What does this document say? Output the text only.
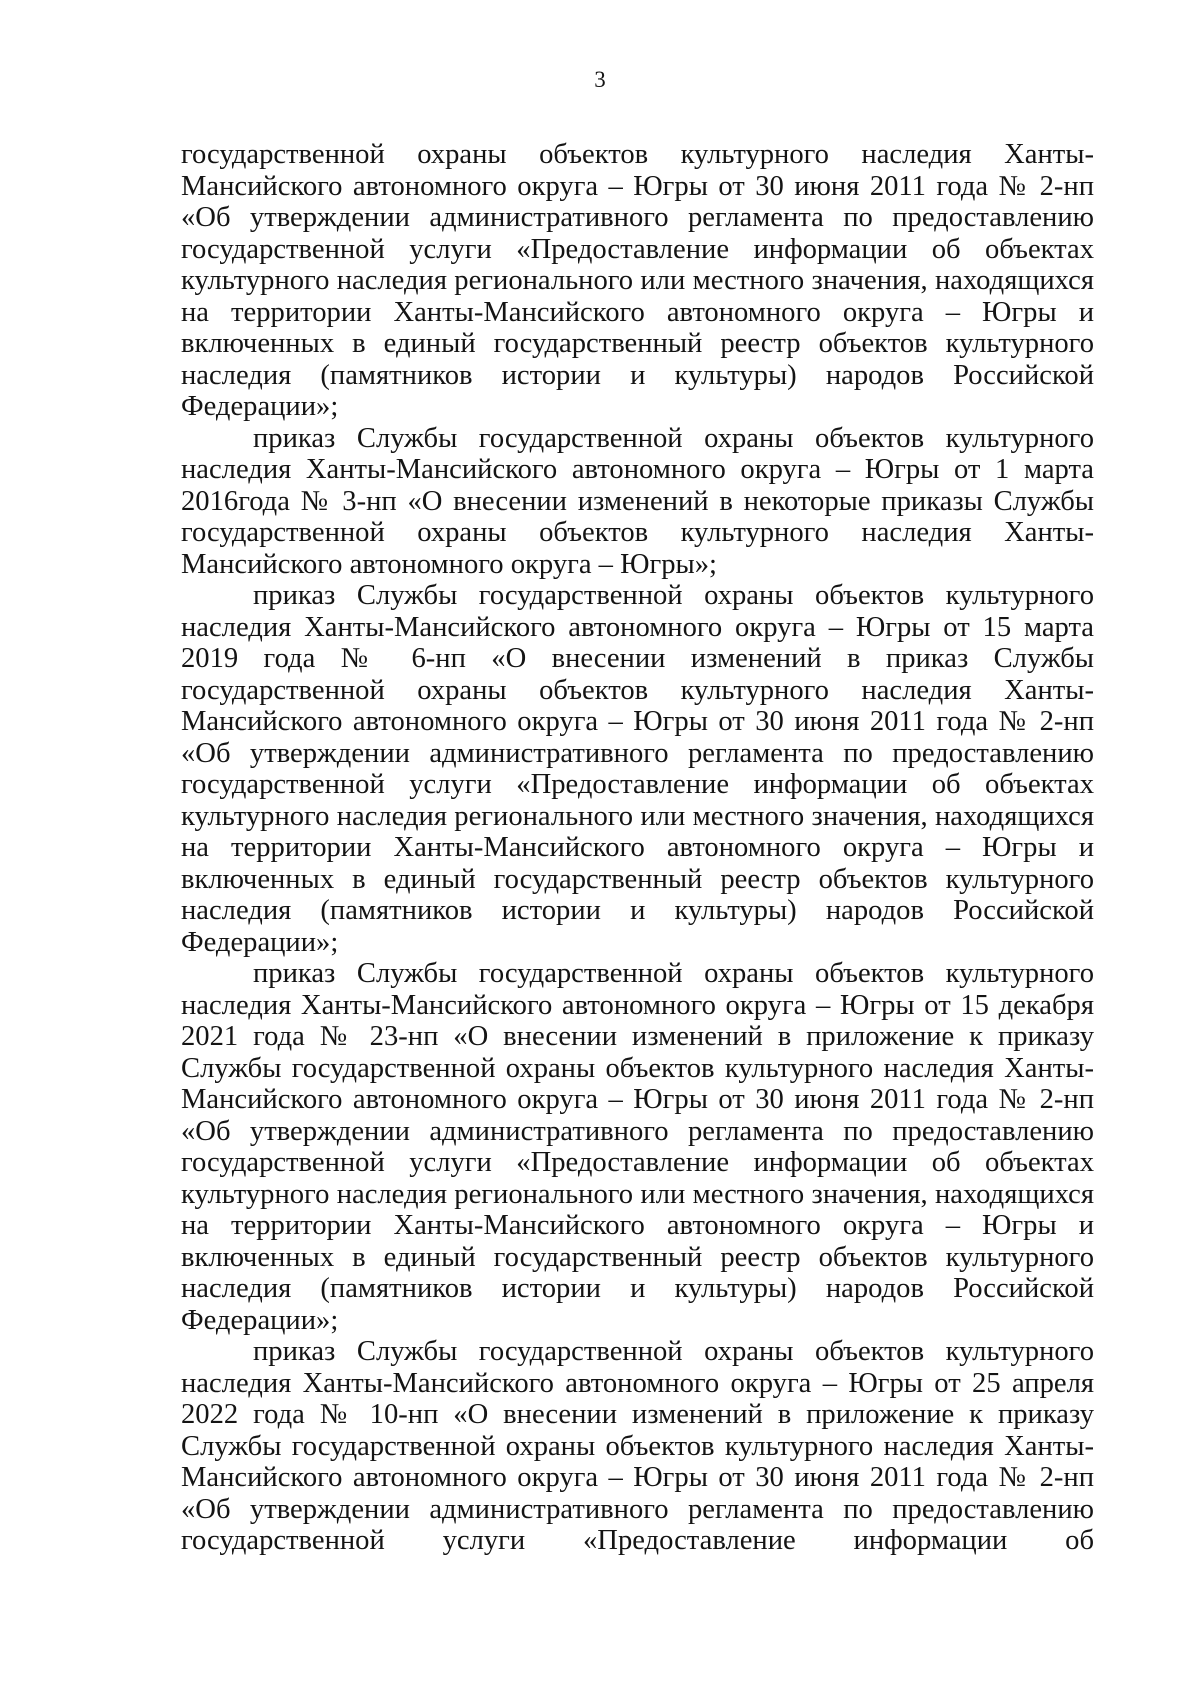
3

государственной охраны объектов культурного наследия Ханты-Мансийского автономного округа – Югры от 30 июня 2011 года № 2-нп «Об утверждении административного регламента по предоставлению государственной услуги «Предоставление информации об объектах культурного наследия регионального или местного значения, находящихся на территории Ханты-Мансийского автономного округа – Югры и включенных в единый государственный реестр объектов культурного наследия (памятников истории и культуры) народов Российской Федерации»;

приказ Службы государственной охраны объектов культурного наследия Ханты-Мансийского автономного округа – Югры от 1 марта 2016года № 3-нп «О внесении изменений в некоторые приказы Службы государственной охраны объектов культурного наследия Ханты-Мансийского автономного округа – Югры»;

приказ Службы государственной охраны объектов культурного наследия Ханты-Мансийского автономного округа – Югры от 15 марта 2019 года № 6-нп «О внесении изменений в приказ Службы государственной охраны объектов культурного наследия Ханты-Мансийского автономного округа – Югры от 30 июня 2011 года № 2-нп «Об утверждении административного регламента по предоставлению государственной услуги «Предоставление информации об объектах культурного наследия регионального или местного значения, находящихся на территории Ханты-Мансийского автономного округа – Югры и включенных в единый государственный реестр объектов культурного наследия (памятников истории и культуры) народов Российской Федерации»;

приказ Службы государственной охраны объектов культурного наследия Ханты-Мансийского автономного округа – Югры от 15 декабря 2021 года № 23-нп «О внесении изменений в приложение к приказу Службы государственной охраны объектов культурного наследия Ханты-Мансийского автономного округа – Югры от 30 июня 2011 года № 2-нп «Об утверждении административного регламента по предоставлению государственной услуги «Предоставление информации об объектах культурного наследия регионального или местного значения, находящихся на территории Ханты-Мансийского автономного округа – Югры и включенных в единый государственный реестр объектов культурного наследия (памятников истории и культуры) народов Российской Федерации»;

приказ Службы государственной охраны объектов культурного наследия Ханты-Мансийского автономного округа – Югры от 25 апреля 2022 года № 10-нп «О внесении изменений в приложение к приказу Службы государственной охраны объектов культурного наследия Ханты-Мансийского автономного округа – Югры от 30 июня 2011 года № 2-нп «Об утверждении административного регламента по предоставлению государственной услуги «Предоставление информации об
